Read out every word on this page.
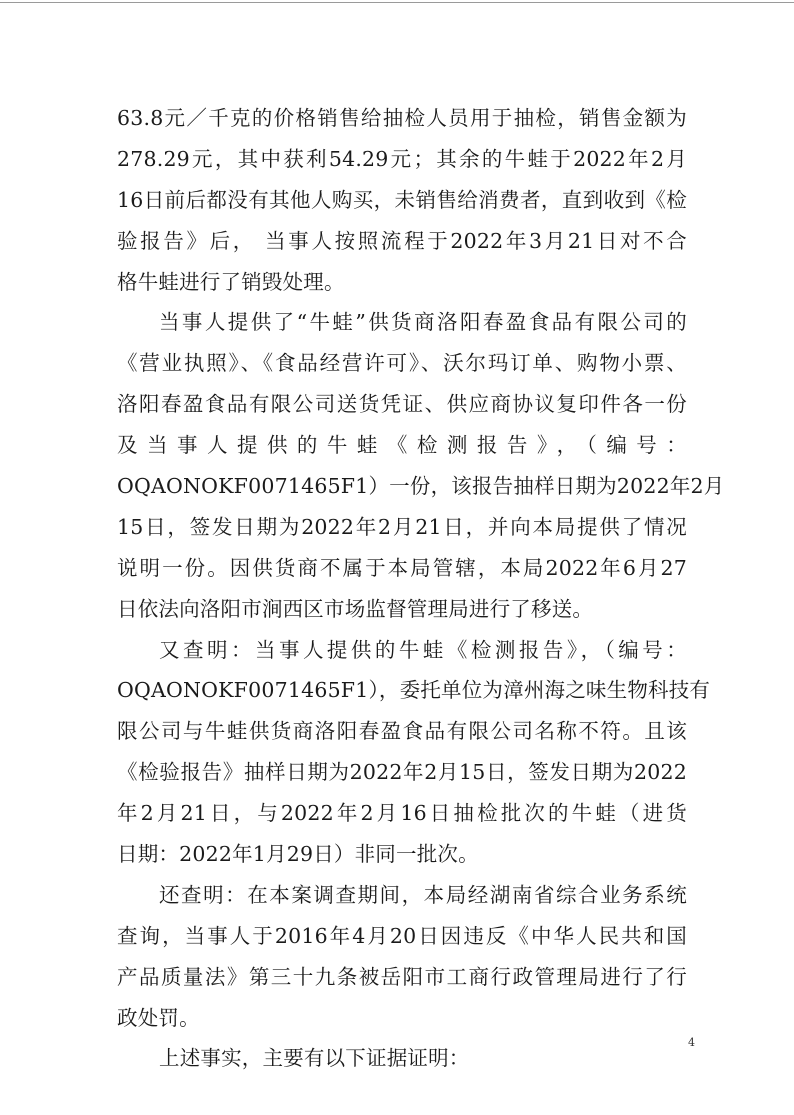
63.8元／千克的价格销售给抽检人员用于抽检，销售金额为
278.29元，其中获利54.29元；其余的牛蛙于2022年2月
16日前后都没有其他人购买，未销售给消费者，直到收到《检
验报告》后， 当事人按照流程于2022年3月21日对不合
格牛蛙进行了销毁处理。
当事人提供了“牛蛙”供货商洛阳春盈食品有限公司的
《营业执照》、《食品经营许可》、沃尔玛订单、购物小票、
洛阳春盈食品有限公司送货凭证、供应商协议复印件各一份
及当事人提供的牛蛙《检测报告》，（编号：
OQAONOKF0071465F1）一份，该报告抽样日期为2022年2月
15日，签发日期为2022年2月21日，并向本局提供了情况
说明一份。因供货商不属于本局管辖，本局2022年6月27
日依法向洛阳市涧西区市场监督管理局进行了移送。
又查明：当事人提供的牛蛙《检测报告》，（编号：
OQAONOKF0071465F1），委托单位为漳州海之味生物科技有
限公司与牛蛙供货商洛阳春盈食品有限公司名称不符。且该
《检验报告》抽样日期为2022年2月15日，签发日期为2022
年2月21日，与2022年2月16日抽检批次的牛蛙（进货
日期：2022年1月29日）非同一批次。
还查明：在本案调查期间，本局经湖南省综合业务系统
查询，当事人于2016年4月20日因违反《中华人民共和国
产品质量法》第三十九条被岳阳市工商行政管理局进行了行
政处罚。
上述事实，主要有以下证据证明：
4
